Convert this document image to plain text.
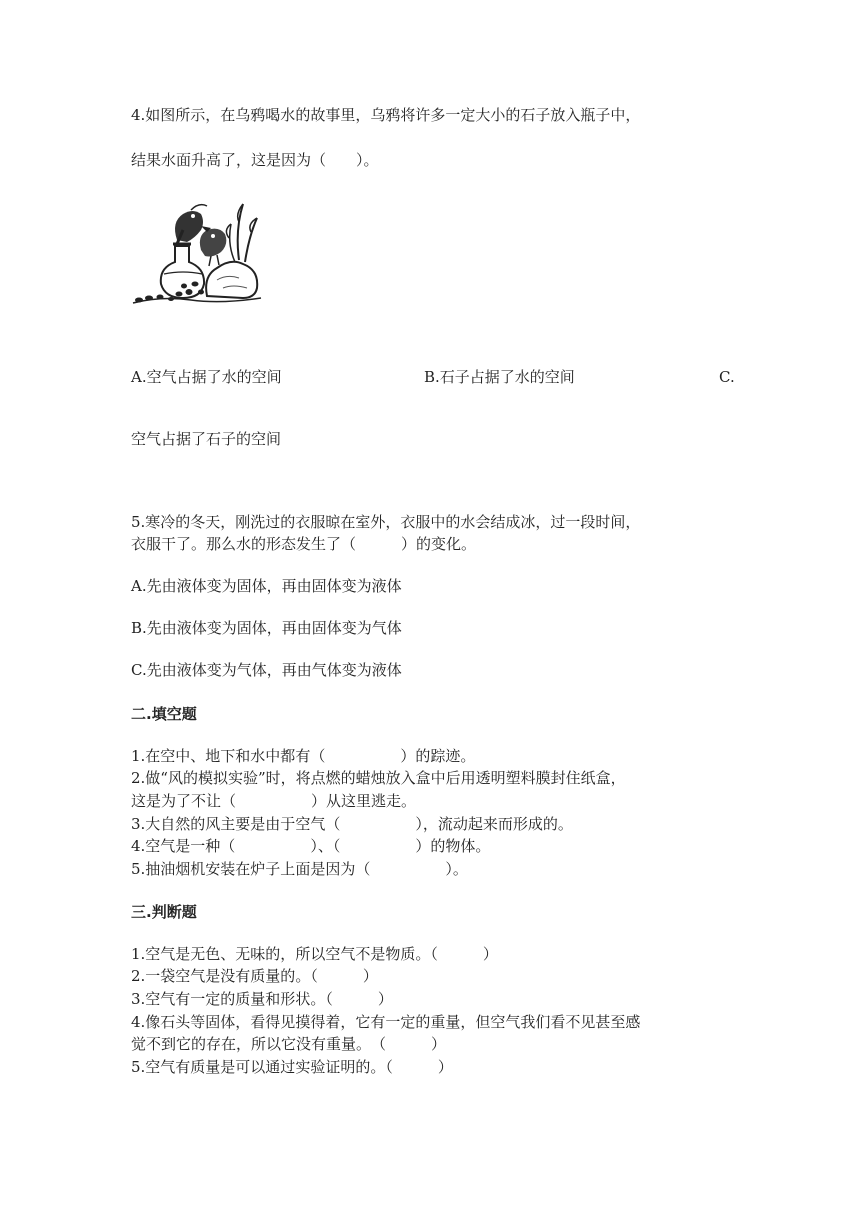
4.如图所示，在乌鸦喝水的故事里，乌鸦将许多一定大小的石子放入瓶子中，
结果水面升高了，这是因为（　　）。
A.空气占据了水的空间	B.石子占据了水的空间	C.
空气占据了石子的空间
5.寒冷的冬天，刚洗过的衣服晾在室外，衣服中的水会结成冰，过一段时间，
衣服干了。那么水的形态发生了（　　　）的变化。
A.先由液体变为固体，再由固体变为液体
B.先由液体变为固体，再由固体变为气体
C.先由液体变为气体，再由气体变为液体
二.填空题
1.在空中、地下和水中都有（　　　　　）的踪迹。
2.做“风的模拟实验”时，将点燃的蜡烛放入盒中后用透明塑料膜封住纸盒，
这是为了不让（　　　　　）从这里逃走。
3.大自然的风主要是由于空气（　　　　　），流动起来而形成的。
4.空气是一种（　　　　　）、（　　　　　）的物体。
5.抽油烟机安装在炉子上面是因为（　　　　　）。
三.判断题
1.空气是无色、无味的，所以空气不是物质。（　　　）
2.一袋空气是没有质量的。（　　　）
3.空气有一定的质量和形状。（　　　）
4.像石头等固体，看得见摸得着，它有一定的重量，但空气我们看不见甚至感
觉不到它的存在，所以它没有重量。　（　　　）
5.空气有质量是可以通过实验证明的。（　　　）
